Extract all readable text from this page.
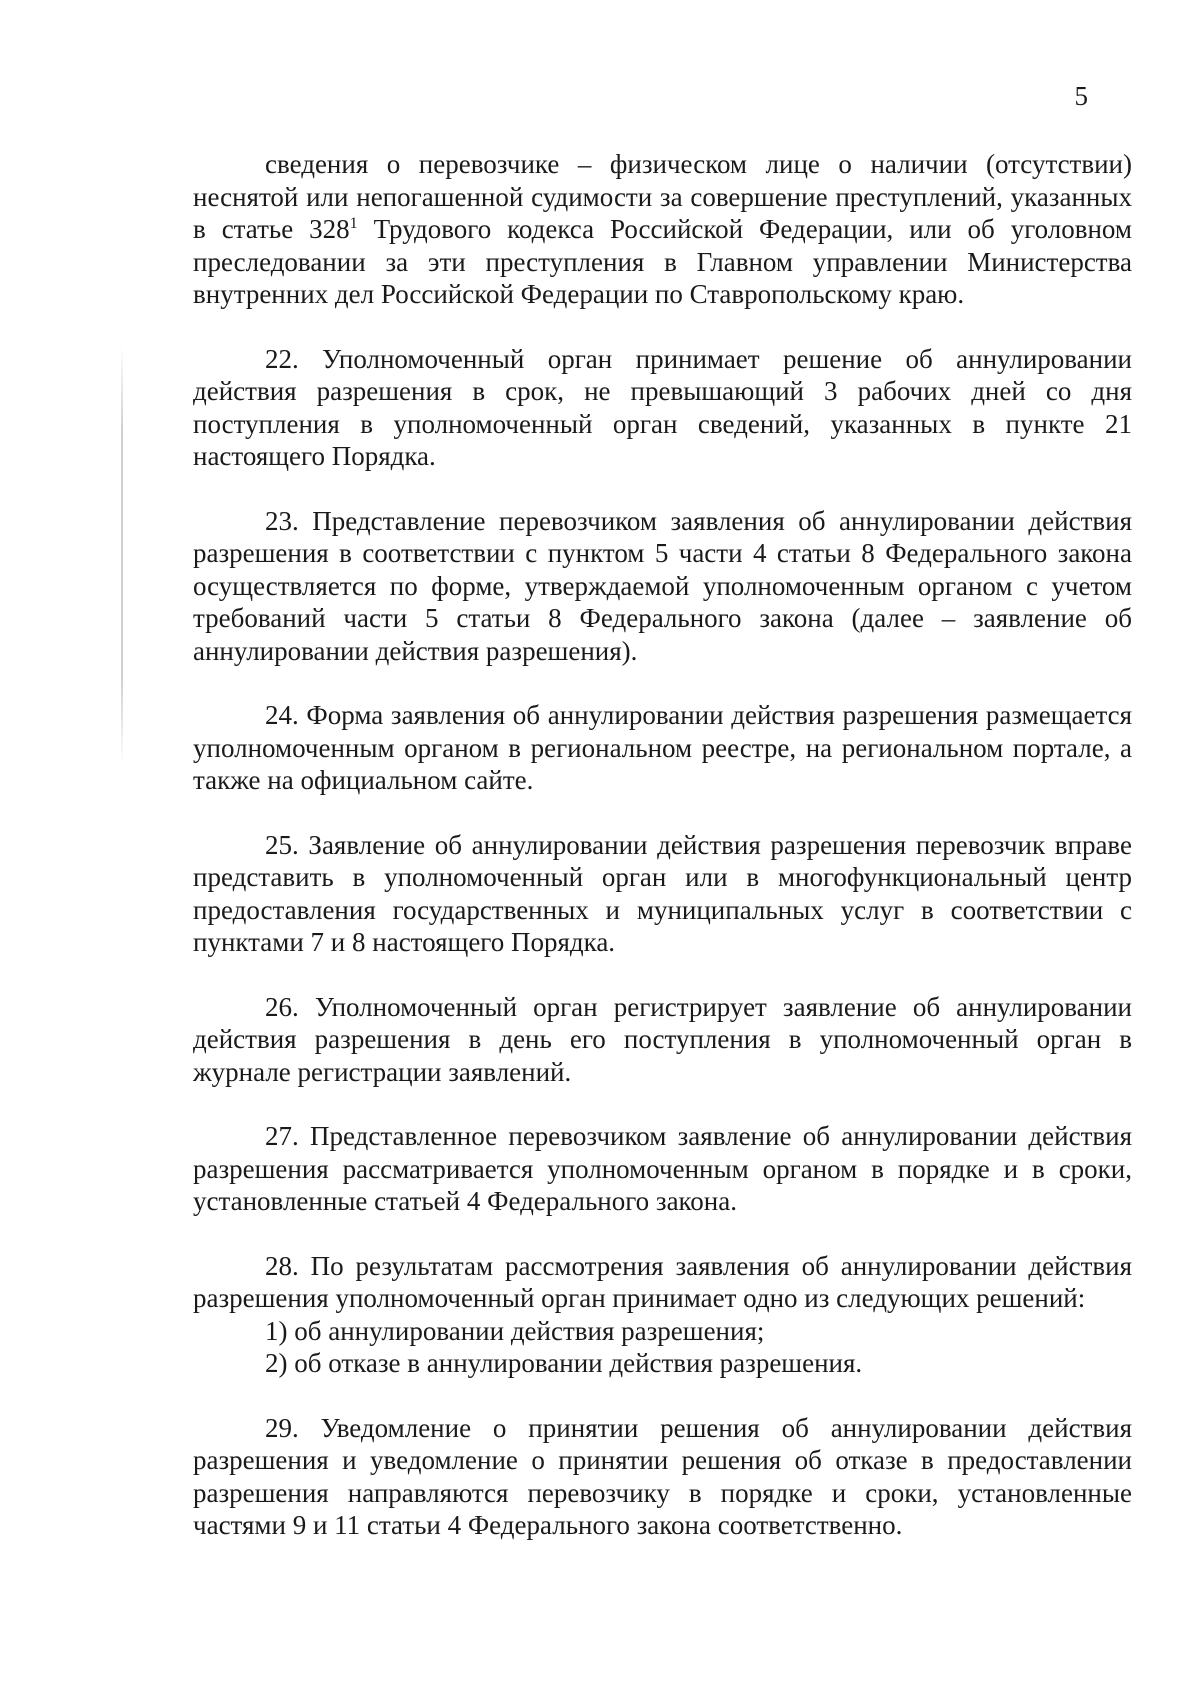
5

сведения о перевозчике – физическом лице о наличии (отсутствии) неснятой или непогашенной судимости за совершение преступлений, указанных в статье $328^1$ Трудового кодекса Российской Федерации, или об уголовном преследовании за эти преступления в Главном управлении Министерства внутренних дел Российской Федерации по Ставропольскому краю.

22. Уполномоченный орган принимает решение об аннулировании действия разрешения в срок, не превышающий 3 рабочих дней со дня поступления в уполномоченный орган сведений, указанных в пункте 21 настоящего Порядка.

23. Представление перевозчиком заявления об аннулировании действия разрешения в соответствии с пунктом 5 части 4 статьи 8 Федерального закона осуществляется по форме, утверждаемой уполномоченным органом с учетом требований части 5 статьи 8 Федерального закона (далее – заявление об аннулировании действия разрешения).

24. Форма заявления об аннулировании действия разрешения размещается уполномоченным органом в региональном реестре, на региональном портале, а также на официальном сайте.

25. Заявление об аннулировании действия разрешения перевозчик вправе представить в уполномоченный орган или в многофункциональный центр предоставления государственных и муниципальных услуг в соответствии с пунктами 7 и 8 настоящего Порядка.

26. Уполномоченный орган регистрирует заявление об аннулировании действия разрешения в день его поступления в уполномоченный орган в журнале регистрации заявлений.

27. Представленное перевозчиком заявление об аннулировании действия разрешения рассматривается уполномоченным органом в порядке и в сроки, установленные статьей 4 Федерального закона.

28. По результатам рассмотрения заявления об аннулировании действия разрешения уполномоченный орган принимает одно из следующих решений:

1) об аннулировании действия разрешения;

2) об отказе в аннулировании действия разрешения.

29. Уведомление о принятии решения об аннулировании действия разрешения и уведомление о принятии решения об отказе в предоставлении разрешения направляются перевозчику в порядке и сроки, установленные частями 9 и 11 статьи 4 Федерального закона соответственно.
